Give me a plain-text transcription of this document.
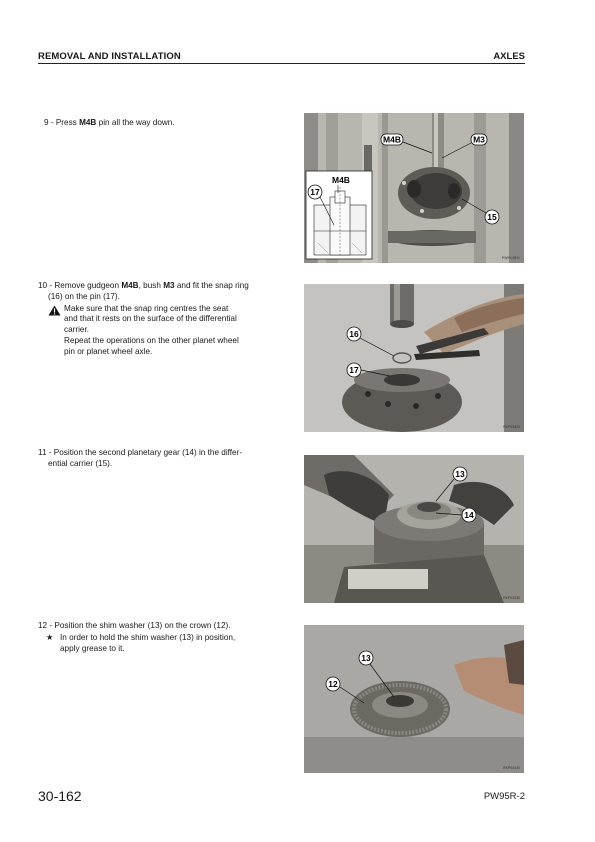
REMOVAL AND INSTALLATION	AXLES
9 - Press M4B pin all the way down.
10 - Remove gudgeon M4B, bush M3 and fit the snap ring
(16) on the pin (17).
Make sure that the snap ring centres the seat
and that it rests on the surface of the differential
carrier.
Repeat the operations on the other planet wheel
pin or planet wheel axle.
11 - Position the second planetary gear (14) in the differ-
ential carrier (15).
12 - Position the shim washer (13) on the crown (12).
★ In order to hold the shim washer (13) in position,
apply grease to it.
M4B
17
M4B	M3
15
PW95-0811
16
17
RKP03420
13
14
RKP03430
13
12
RKP03440
30-162	PW95R-2
